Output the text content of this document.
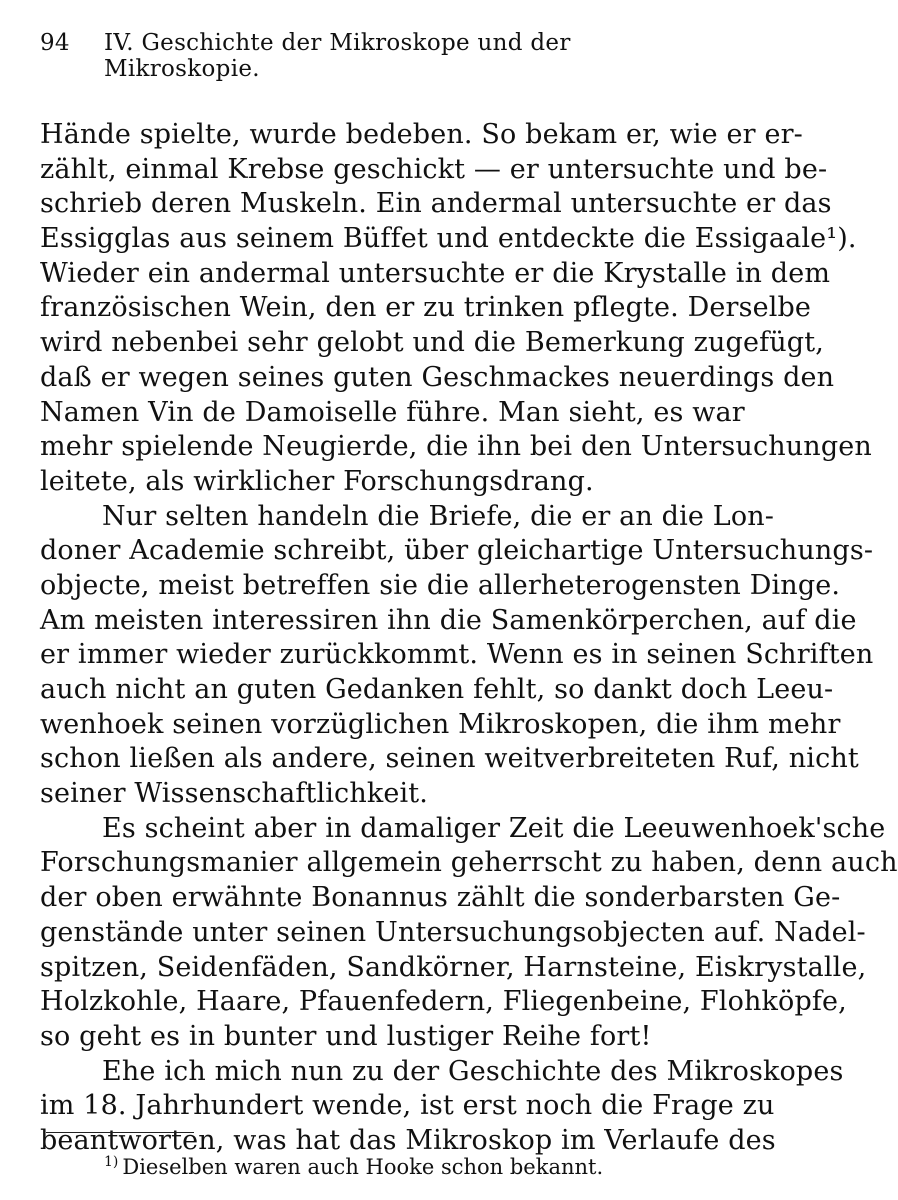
94	IV. Geschichte der Mikroskope und der Mikroskopie.
Hände spielte, wurde bedeben. So bekam er, wie er er-
zählt, einmal Krebse geschickt — er untersuchte und be-
schrieb deren Muskeln. Ein andermal untersuchte er das
Essigglas aus seinem Büffet und entdeckte die Essigaale¹).
Wieder ein andermal untersuchte er die Krystalle in dem
französischen Wein, den er zu trinken pflegte. Derselbe
wird nebenbei sehr gelobt und die Bemerkung zugefügt,
daß er wegen seines guten Geschmackes neuerdings den
Namen Vin de Damoiselle führe. Man sieht, es war
mehr spielende Neugierde, die ihn bei den Untersuchungen
leitete, als wirklicher Forschungsdrang.
Nur selten handeln die Briefe, die er an die Lon-
doner Academie schreibt, über gleichartige Untersuchungs-
objecte, meist betreffen sie die allerheterogensten Dinge.
Am meisten interessiren ihn die Samenkörperchen, auf die
er immer wieder zurückkommt. Wenn es in seinen Schriften
auch nicht an guten Gedanken fehlt, so dankt doch Leeu-
wenhoek seinen vorzüglichen Mikroskopen, die ihm mehr
schon ließen als andere, seinen weitverbreiteten Ruf, nicht
seiner Wissenschaftlichkeit.
Es scheint aber in damaliger Zeit die Leeuwenhoek'sche
Forschungsmanier allgemein geherrscht zu haben, denn auch
der oben erwähnte Bonannus zählt die sonderbarsten Ge-
genstände unter seinen Untersuchungsobjecten auf. Nadel-
spitzen, Seidenfäden, Sandkörner, Harnsteine, Eiskrystalle,
Holzkohle, Haare, Pfauenfedern, Fliegenbeine, Flohköpfe,
so geht es in bunter und lustiger Reihe fort!
Ehe ich mich nun zu der Geschichte des Mikroskopes
im 18. Jahrhundert wende, ist erst noch die Frage zu
beantworten, was hat das Mikroskop im Verlaufe des
$^{1)}$ Dieselben waren auch Hooke schon bekannt.
